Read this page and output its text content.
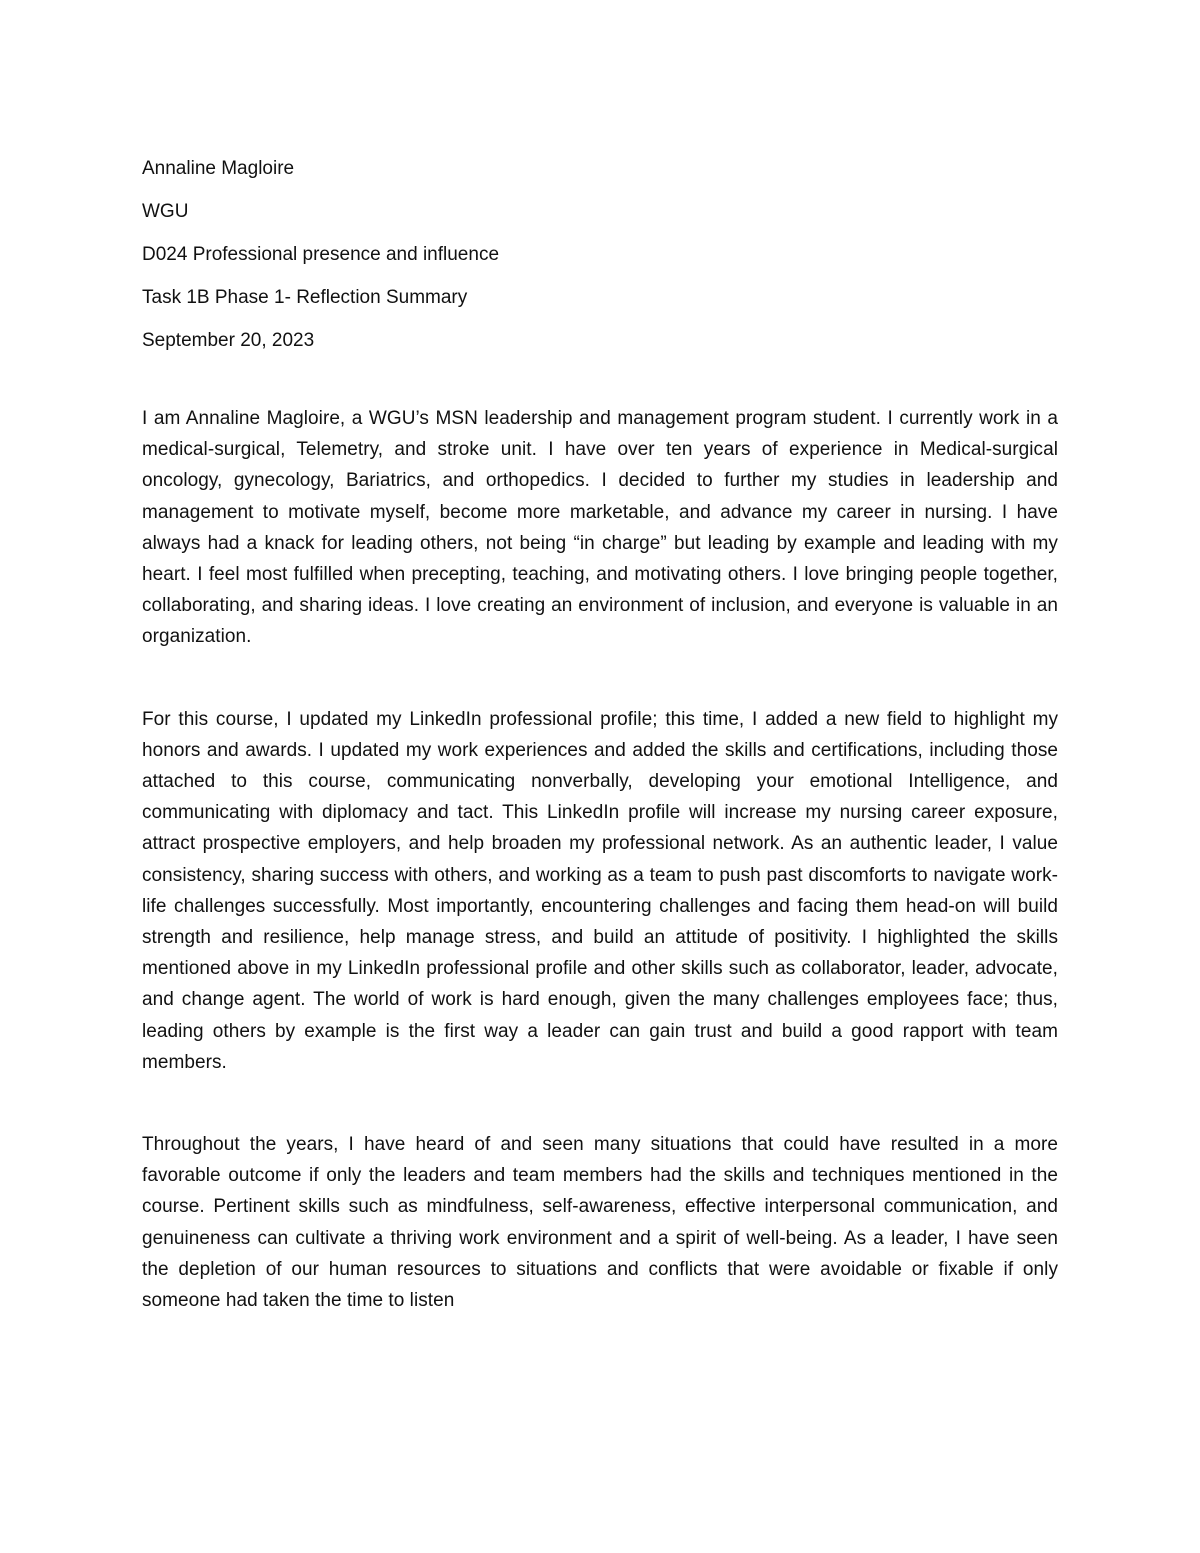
Annaline Magloire

WGU

D024 Professional presence and influence

Task 1B Phase 1- Reflection Summary

September 20, 2023

I am Annaline Magloire, a WGU’s MSN leadership and management program student. I currently work in a medical-surgical, Telemetry, and stroke unit. I have over ten years of experience in Medical-surgical oncology, gynecology, Bariatrics, and orthopedics. I decided to further my studies in leadership and management to motivate myself, become more marketable, and advance my career in nursing. I have always had a knack for leading others, not being “in charge” but leading by example and leading with my heart. I feel most fulfilled when precepting, teaching, and motivating others. I love bringing people together, collaborating, and sharing ideas. I love creating an environment of inclusion, and everyone is valuable in an organization.

For this course, I updated my LinkedIn professional profile; this time, I added a new field to highlight my honors and awards. I updated my work experiences and added the skills and certifications, including those attached to this course, communicating nonverbally, developing your emotional Intelligence, and communicating with diplomacy and tact. This LinkedIn profile will increase my nursing career exposure, attract prospective employers, and help broaden my professional network. As an authentic leader, I value consistency, sharing success with others, and working as a team to push past discomforts to navigate work-life challenges successfully. Most importantly, encountering challenges and facing them head-on will build strength and resilience, help manage stress, and build an attitude of positivity. I highlighted the skills mentioned above in my LinkedIn professional profile and other skills such as collaborator, leader, advocate, and change agent. The world of work is hard enough, given the many challenges employees face; thus, leading others by example is the first way a leader can gain trust and build a good rapport with team members.

Throughout the years, I have heard of and seen many situations that could have resulted in a more favorable outcome if only the leaders and team members had the skills and techniques mentioned in the course. Pertinent skills such as mindfulness, self-awareness, effective interpersonal communication, and genuineness can cultivate a thriving work environment and a spirit of well-being. As a leader, I have seen the depletion of our human resources to situations and conflicts that were avoidable or fixable if only someone had taken the time to listen
